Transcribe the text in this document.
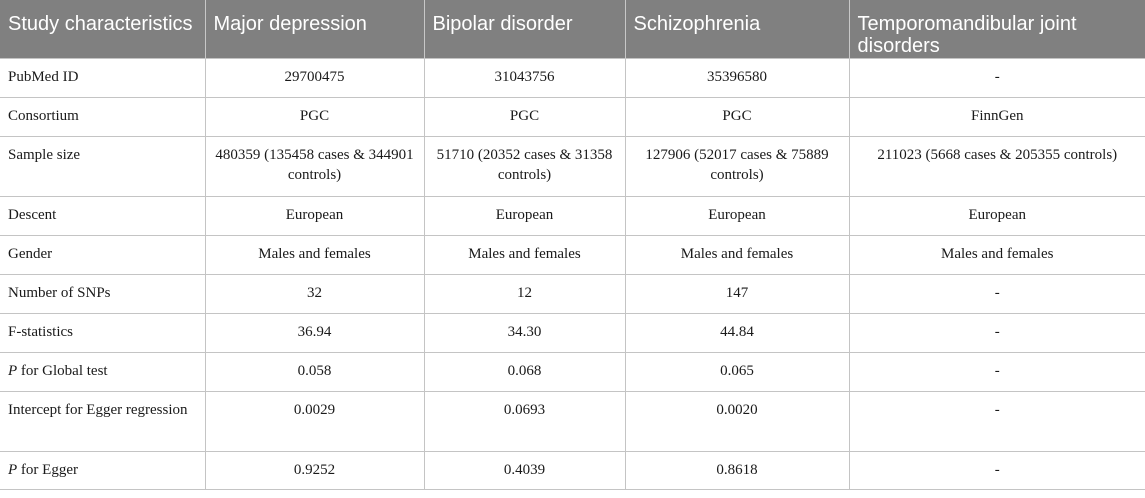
Study characteristics	Major depression	Bipolar disorder	Schizophrenia	Temporomandibular joint disorders
PubMed ID	29700475	31043756	35396580	-
Consortium	PGC	PGC	PGC	FinnGen
Sample size	480359 (135458 cases & 344901 controls)	51710 (20352 cases & 31358 controls)	127906 (52017 cases & 75889 controls)	211023 (5668 cases & 205355 controls)
Descent	European	European	European	European
Gender	Males and females	Males and females	Males and females	Males and females
Number of SNPs	32	12	147	-
F-statistics	36.94	34.30	44.84	-
P for Global test	0.058	0.068	0.065	-
Intercept for Egger regression	0.0029	0.0693	0.0020	-
P for Egger	0.9252	0.4039	0.8618	-
